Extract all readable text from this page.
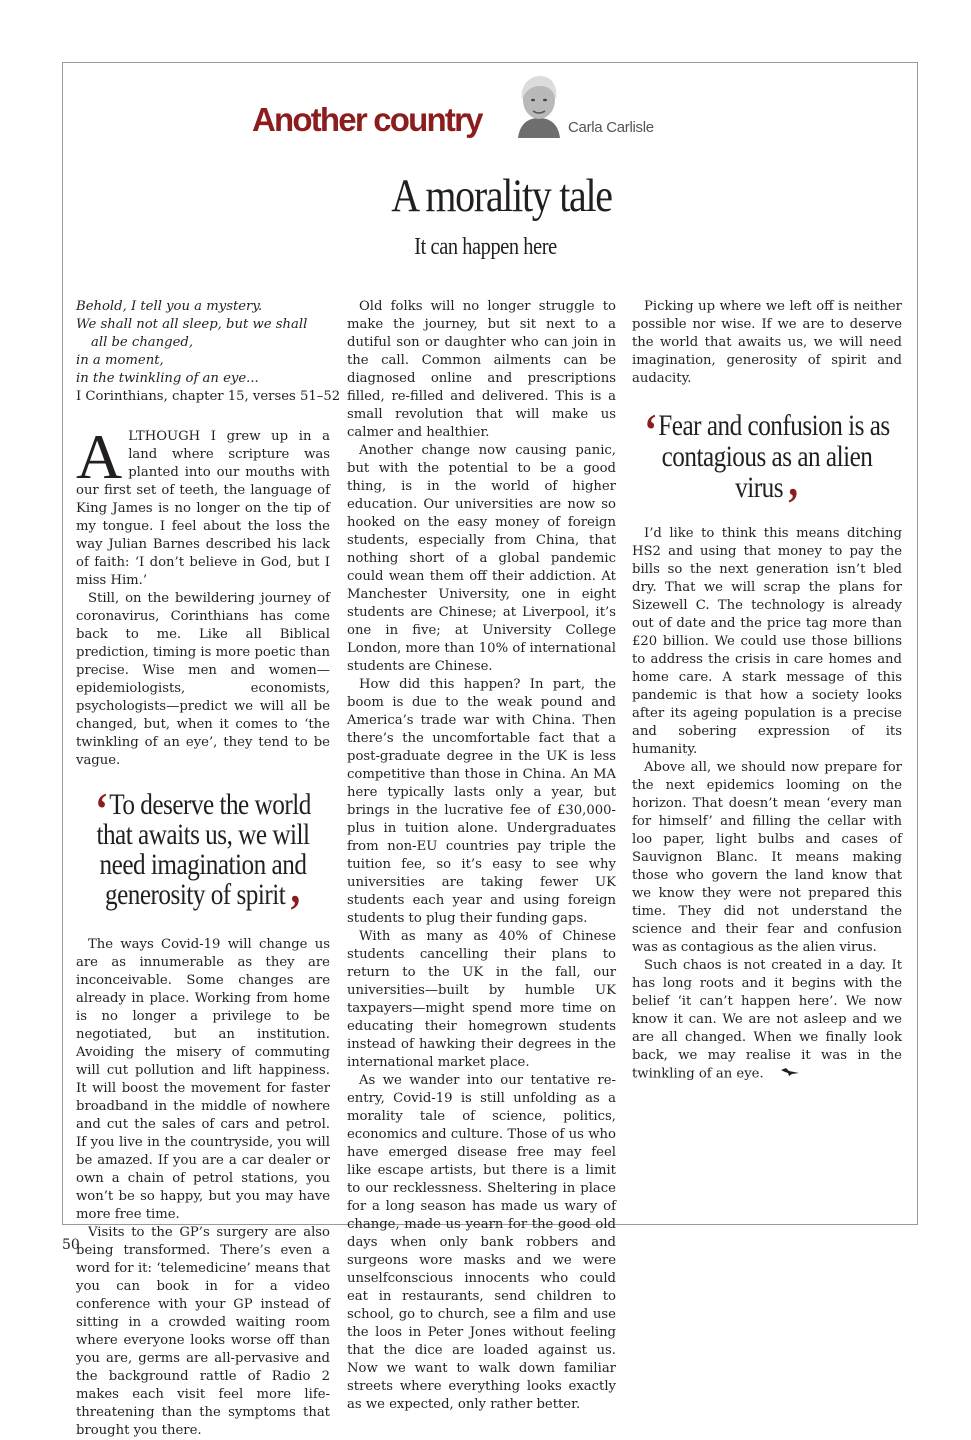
Another country	Carla Carlisle
A morality tale
It can happen here
Behold, I tell you a mystery.
We shall not all sleep, but we shall
all be changed,
in a moment,
in the twinkling of an eye...
I Corinthians, chapter 15, verses 51–52

ALTHOUGH I grew up in a land where scripture was planted into our mouths with our first set of teeth, the language of King James is no longer on the tip of my tongue. I feel about the loss the way Julian Barnes described his lack of faith: ‘I don’t believe in God, but I miss Him.’

Still, on the bewildering journey of coronavirus, Corinthians has come back to me. Like all Biblical prediction, timing is more poetic than precise. Wise men and women—epidemiologists, economists, psychologists—predict we will all be changed, but, when it comes to ‘the twinkling of an eye’, they tend to be vague.

‘To deserve the world that awaits us, we will need imagination and generosity of spirit’

The ways Covid-19 will change us are as innumerable as they are inconceivable. Some changes are already in place. Working from home is no longer a privilege to be negotiated, but an institution. Avoiding the misery of commuting will cut pollution and lift happiness. It will boost the movement for faster broadband in the middle of nowhere and cut the sales of cars and petrol. If you live in the countryside, you will be amazed. If you are a car dealer or own a chain of petrol stations, you won’t be so happy, but you may have more free time.

Visits to the GP’s surgery are also being transformed. There’s even a word for it: ‘telemedicine’ means that you can book in for a video conference with your GP instead of sitting in a crowded waiting room where everyone looks worse off than you are, germs are all-pervasive and the background rattle of Radio 2 makes each visit feel more life-threatening than the symptoms that brought you there.

Old folks will no longer struggle to make the journey, but sit next to a dutiful son or daughter who can join in the call. Common ailments can be diagnosed online and prescriptions filled, re-filled and delivered. This is a small revolution that will make us calmer and healthier.

Another change now causing panic, but with the potential to be a good thing, is in the world of higher education. Our universities are now so hooked on the easy money of foreign students, especially from China, that nothing short of a global pandemic could wean them off their addiction. At Manchester University, one in eight students are Chinese; at Liverpool, it’s one in five; at University College London, more than 10% of international students are Chinese.

How did this happen? In part, the boom is due to the weak pound and America’s trade war with China. Then there’s the uncomfortable fact that a post-graduate degree in the UK is less competitive than those in China. An MA here typically lasts only a year, but brings in the lucrative fee of £30,000-plus in tuition alone. Undergraduates from non-EU countries pay triple the tuition fee, so it’s easy to see why universities are taking fewer UK students each year and using foreign students to plug their funding gaps.

With as many as 40% of Chinese students cancelling their plans to return to the UK in the fall, our universities—built by humble UK taxpayers—might spend more time on educating their homegrown students instead of hawking their degrees in the international market place.

As we wander into our tentative re-entry, Covid-19 is still unfolding as a morality tale of science, politics, economics and culture. Those of us who have emerged disease free may feel like escape artists, but there is a limit to our recklessness. Sheltering in place for a long season has made us wary of change, made us yearn for the good old days when only bank robbers and surgeons wore masks and we were unselfconscious innocents who could eat in restaurants, send children to school, go to church, see a film and use the loos in Peter Jones without feeling that the dice are loaded against us. Now we want to walk down familiar streets where everything looks exactly as we expected, only rather better.

Picking up where we left off is neither possible nor wise. If we are to deserve the world that awaits us, we will need imagination, generosity of spirit and audacity.

‘Fear and confusion is as contagious as an alien virus’

I’d like to think this means ditching HS2 and using that money to pay the bills so the next generation isn’t bled dry. That we will scrap the plans for Sizewell C. The technology is already out of date and the price tag more than £20 billion. We could use those billions to address the crisis in care homes and home care. A stark message of this pandemic is that how a society looks after its ageing population is a precise and sobering expression of its humanity.

Above all, we should now prepare for the next epidemics looming on the horizon. That doesn’t mean ‘every man for himself’ and filling the cellar with loo paper, light bulbs and cases of Sauvignon Blanc. It means making those who govern the land know that we know they were not prepared this time. They did not understand the science and their fear and confusion was as contagious as the alien virus.

Such chaos is not created in a day. It has long roots and it begins with the belief ‘it can’t happen here’. We now know it can. We are not asleep and we are all changed. When we finally look back, we may realise it was in the twinkling of an eye.

50
